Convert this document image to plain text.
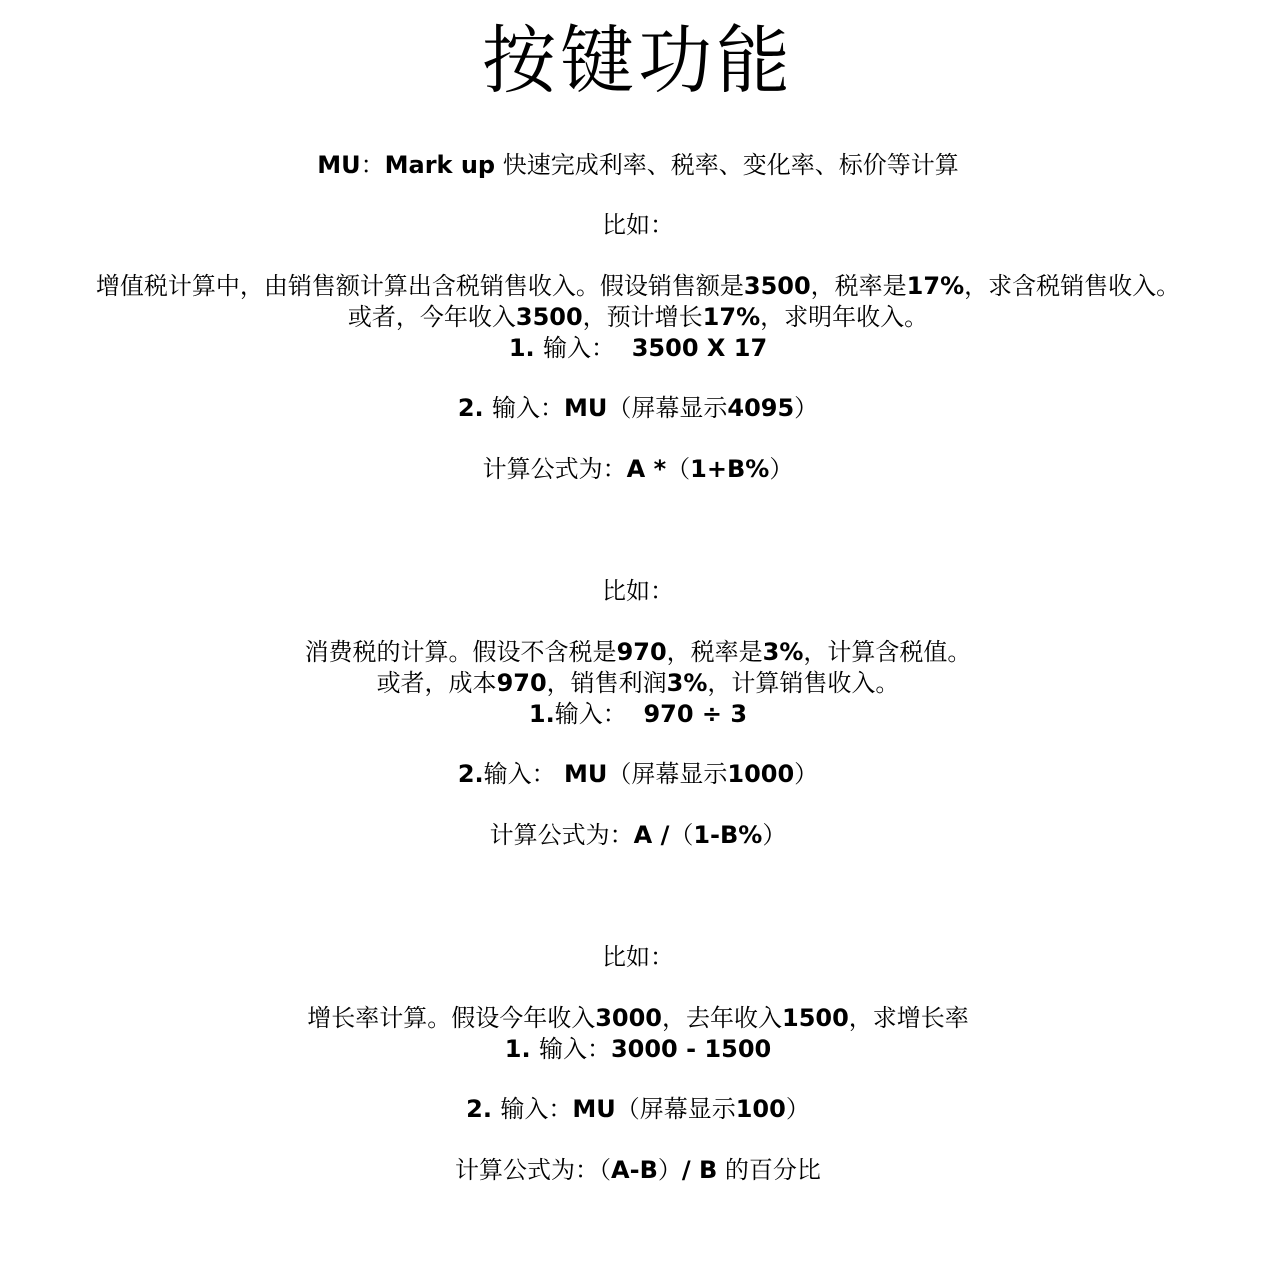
按键功能
MU：Mark up 快速完成利率、税率、变化率、标价等计算
比如：
增值税计算中，由销售额计算出含税销售收入。假设销售额是3500，税率是17%，求含税销售收入。
或者，今年收入3500，预计增长17%，求明年收入。
1. 输入：  3500 X 17
2. 输入：MU（屏幕显示4095）
计算公式为：A *（1+B%）
比如：
消费税的计算。假设不含税是970，税率是3%，计算含税值。
或者，成本970，销售利润3%，计算销售收入。
1.输入：  970 ÷ 3
2.输入： MU（屏幕显示1000）
计算公式为：A /（1-B%）
比如：
增长率计算。假设今年收入3000，去年收入1500，求增长率
1. 输入：3000 - 1500
2. 输入：MU（屏幕显示100）
计算公式为：（A-B）/ B 的百分比
